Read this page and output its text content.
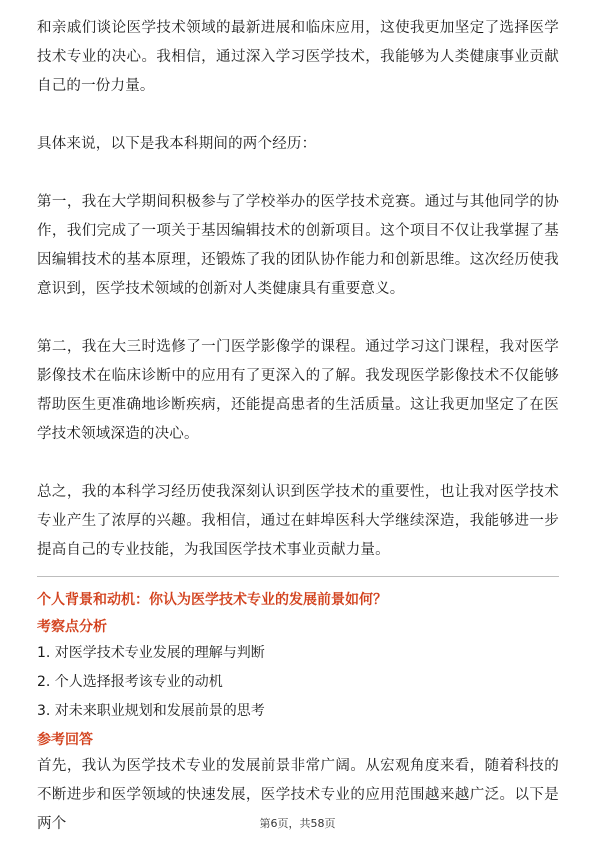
和亲戚们谈论医学技术领域的最新进展和临床应用，这使我更加坚定了选择医学技术专业的决心。我相信，通过深入学习医学技术，我能够为人类健康事业贡献自己的一份力量。

具体来说，以下是我本科期间的两个经历：

第一，我在大学期间积极参与了学校举办的医学技术竞赛。通过与其他同学的协作，我们完成了一项关于基因编辑技术的创新项目。这个项目不仅让我掌握了基因编辑技术的基本原理，还锻炼了我的团队协作能力和创新思维。这次经历使我意识到，医学技术领域的创新对人类健康具有重要意义。

第二，我在大三时选修了一门医学影像学的课程。通过学习这门课程，我对医学影像技术在临床诊断中的应用有了更深入的了解。我发现医学影像技术不仅能够帮助医生更准确地诊断疾病，还能提高患者的生活质量。这让我更加坚定了在医学技术领域深造的决心。

总之，我的本科学习经历使我深刻认识到医学技术的重要性，也让我对医学技术专业产生了浓厚的兴趣。我相信，通过在蚌埠医科大学继续深造，我能够进一步提高自己的专业技能，为我国医学技术事业贡献力量。

个人背景和动机：你认为医学技术专业的发展前景如何？
考察点分析
1. 对医学技术专业发展的理解与判断
2. 个人选择报考该专业的动机
3. 对未来职业规划和发展前景的思考
参考回答
首先，我认为医学技术专业的发展前景非常广阔。从宏观角度来看，随着科技的不断进步和医学领域的快速发展，医学技术专业的应用范围越来越广泛。以下是两个	第6页，共58页
